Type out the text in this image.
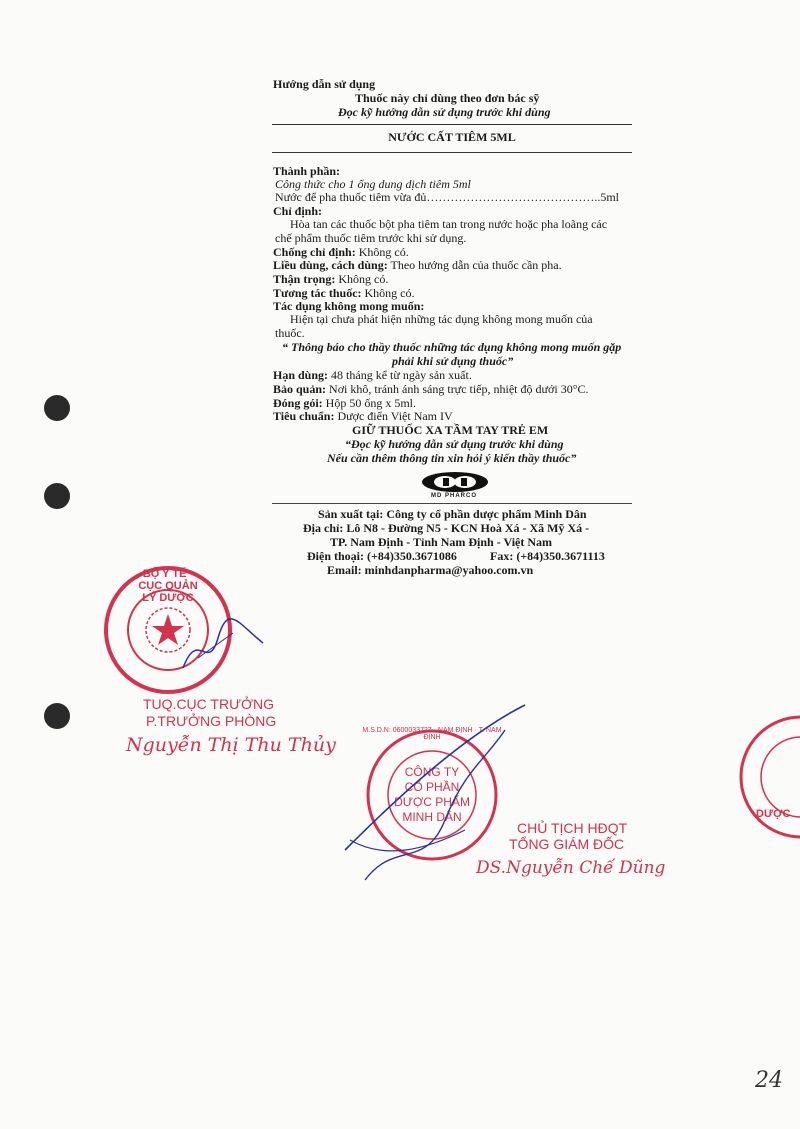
Hướng dẫn sử dụng
Thuốc này chỉ dùng theo đơn bác sỹ
Đọc kỹ hướng dẫn sử dụng trước khi dùng
NƯỚC CẤT TIÊM 5ML
Thành phần:
Công thức cho 1 ống dung dịch tiêm 5ml
Nước để pha thuốc tiêm vừa đủ……………………………………..5ml
Chỉ định:
Hòa tan các thuốc bột pha tiêm tan trong nước hoặc pha loãng các
chế phẩm thuốc tiêm trước khi sử dụng.
Chống chỉ định: Không có.
Liều dùng, cách dùng: Theo hướng dẫn của thuốc cần pha.
Thận trọng: Không có.
Tương tác thuốc: Không có.
Tác dụng không mong muốn:
Hiện tại chưa phát hiện những tác dụng không mong muốn của
thuốc.
“ Thông báo cho thầy thuốc những tác dụng không mong muốn gặp
phải khi sử dụng thuốc”
Hạn dùng: 48 tháng kể từ ngày sản xuất.
Bảo quản: Nơi khô, tránh ánh sáng trực tiếp, nhiệt độ dưới 30°C.
Đóng gói: Hộp 50 ống x 5ml.
Tiêu chuẩn: Dược điển Việt Nam IV
GIỮ THUỐC XA TẦM TAY TRẺ EM
“Đọc kỹ hướng dẫn sử dụng trước khi dùng
Nếu cần thêm thông tin xin hỏi ý kiến thầy thuốc”
MD PHARCO
Sản xuất tại: Công ty cổ phần dược phẩm Minh Dân
Địa chỉ: Lô N8 - Đường N5 - KCN Hoà Xá - Xã Mỹ Xá -
TP. Nam Định - Tỉnh Nam Định - Việt Nam
Điện thoại: (+84)350.3671086	Fax: (+84)350.3671113
Email: minhdanpharma@yahoo.com.vn
BỘ Y TẾ · CỤC QUẢN LÝ DƯỢC
TUQ.CỤC TRƯỞNG
P.TRƯỞNG PHÒNG
Nguyễn Thị Thu Thủy
M.S.D.N: 0600033727 · NAM ĐỊNH · T. NAM ĐỊNH
CÔNG TY
CỔ PHẦN
DƯỢC PHẨM
MINH DÂN
CHỦ TỊCH HĐQT
TỔNG GIÁM ĐỐC
DS.Nguyễn Chế Dũng
DƯỢC
24
